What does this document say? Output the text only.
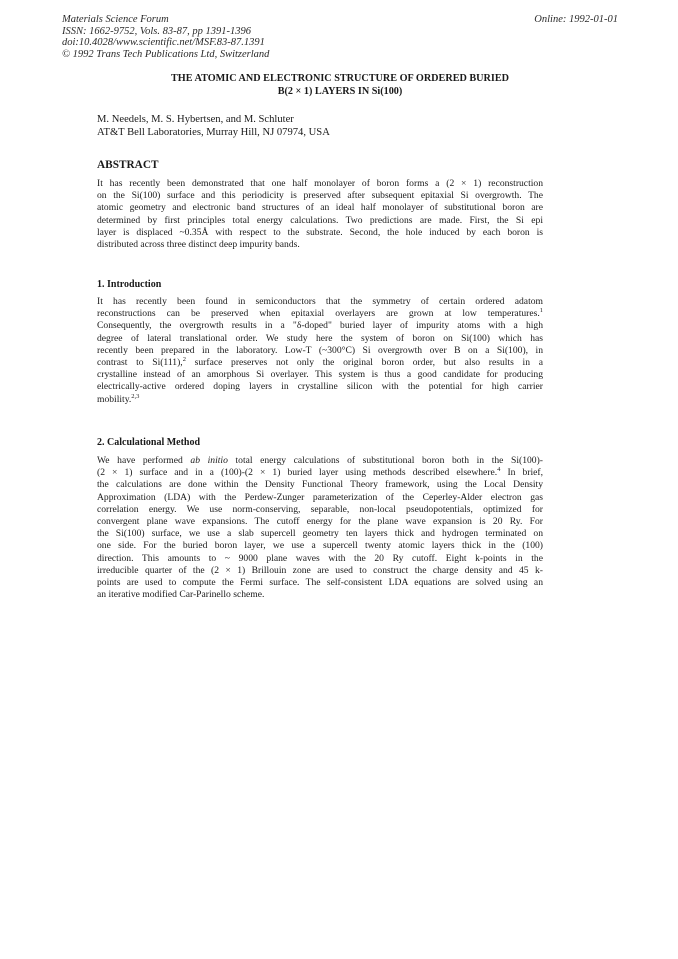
Materials Science Forum
ISSN: 1662-9752, Vols. 83-87, pp 1391-1396
doi:10.4028/www.scientific.net/MSF.83-87.1391
© 1992 Trans Tech Publications Ltd, Switzerland
Online: 1992-01-01
THE ATOMIC AND ELECTRONIC STRUCTURE OF ORDERED BURIED
B(2 × 1) LAYERS IN Si(100)
M. Needels, M. S. Hybertsen, and M. Schluter
AT&T Bell Laboratories, Murray Hill, NJ 07974, USA
ABSTRACT
It has recently been demonstrated that one half monolayer of boron forms a (2 × 1) reconstruction
on the Si(100) surface and this periodicity is preserved after subsequent epitaxial Si overgrowth. The
atomic geometry and electronic band structures of an ideal half monolayer of substitutional boron are
determined by first principles total energy calculations. Two predictions are made. First, the Si epi
layer is displaced ~0.35Å with respect to the substrate. Second, the hole induced by each boron is
distributed across three distinct deep impurity bands.
1. Introduction
It has recently been found in semiconductors that the symmetry of certain ordered adatom
reconstructions can be preserved when epitaxial overlayers are grown at low temperatures.$^1$
Consequently, the overgrowth results in a "δ-doped" buried layer of impurity atoms with a high
degree of lateral translational order. We study here the system of boron on Si(100) which has
recently been prepared in the laboratory. Low-T (~300°C) Si overgrowth over B on a Si(100), in
contrast to Si(111),$^2$ surface preserves not only the original boron order, but also results in a
crystalline instead of an amorphous Si overlayer. This system is thus a good candidate for producing
electrically-active ordered doping layers in crystalline silicon with the potential for high carrier
mobility.$^{2,3}$
2. Calculational Method
We have performed ab initio total energy calculations of substitutional boron both in the Si(100)-
(2 × 1) surface and in a (100)-(2 × 1) buried layer using methods described elsewhere.$^4$ In brief,
the calculations are done within the Density Functional Theory framework, using the Local Density
Approximation (LDA) with the Perdew-Zunger parameterization of the Ceperley-Alder electron gas
correlation energy. We use norm-conserving, separable, non-local pseudopotentials, optimized for
convergent plane wave expansions. The cutoff energy for the plane wave expansion is 20 Ry. For
the Si(100) surface, we use a slab supercell geometry ten layers thick and hydrogen terminated on
one side. For the buried boron layer, we use a supercell twenty atomic layers thick in the (100)
direction. This amounts to ~ 9000 plane waves with the 20 Ry cutoff. Eight k-points in the
irreducible quarter of the (2 × 1) Brillouin zone are used to construct the charge density and 45 k-
points are used to compute the Fermi surface. The self-consistent LDA equations are solved using an
an iterative modified Car-Parinello scheme.
